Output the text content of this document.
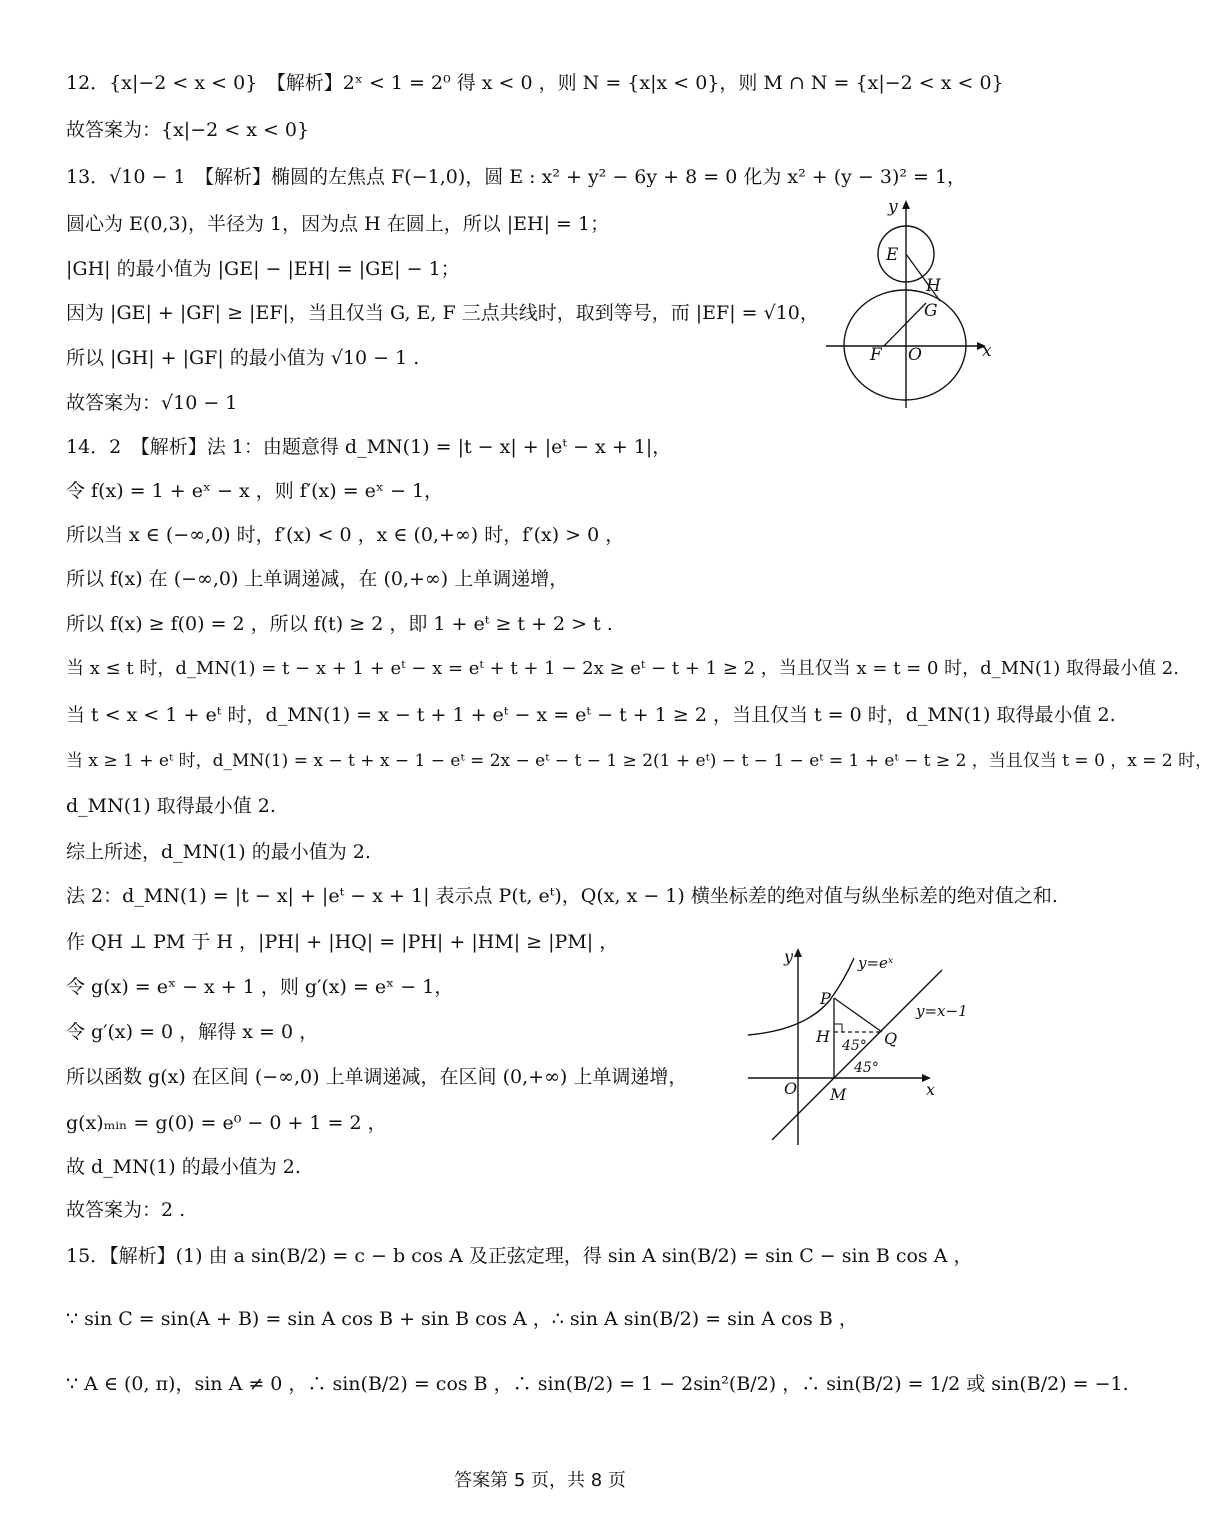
12．{x|−2 < x < 0}　【解析】2ˣ < 1 = 2⁰ 得 x < 0 ，则 N = {x|x < 0}，则 M ∩ N = {x|−2 < x < 0}
故答案为：{x|−2 < x < 0}
13．√10 − 1　【解析】椭圆的左焦点 F(−1,0)，圆 E : x² + y² − 6y + 8 = 0 化为 x² + (y − 3)² = 1，
圆心为 E(0,3)，半径为 1，因为点 H 在圆上，所以 |EH| = 1；
|GH| 的最小值为 |GE| − |EH| = |GE| − 1；
因为 |GE| + |GF| ≥ |EF|，当且仅当 G, E, F 三点共线时，取到等号，而 |EF| = √10，
所以 |GH| + |GF| 的最小值为 √10 − 1 .
故答案为：√10 − 1
14．2　【解析】法 1：由题意得 d_MN(1) = |t − x| + |eᵗ − x + 1|，
令 f(x) = 1 + eˣ − x ，则 f′(x) = eˣ − 1，
所以当 x ∈ (−∞,0) 时，f′(x) < 0 ，x ∈ (0,+∞) 时，f′(x) > 0 ，
所以 f(x) 在 (−∞,0) 上单调递减，在 (0,+∞) 上单调递增，
所以 f(x) ≥ f(0) = 2 ，所以 f(t) ≥ 2 ，即 1 + eᵗ ≥ t + 2 > t .
当 x ≤ t 时，d_MN(1) = t − x + 1 + eᵗ − x = eᵗ + t + 1 − 2x ≥ eᵗ − t + 1 ≥ 2 ，当且仅当 x = t = 0 时，d_MN(1) 取得最小值 2.
当 t < x < 1 + eᵗ 时，d_MN(1) = x − t + 1 + eᵗ − x = eᵗ − t + 1 ≥ 2 ，当且仅当 t = 0 时，d_MN(1) 取得最小值 2.
当 x ≥ 1 + eᵗ 时，d_MN(1) = x − t + x − 1 − eᵗ = 2x − eᵗ − t − 1 ≥ 2(1 + eᵗ) − t − 1 − eᵗ = 1 + eᵗ − t ≥ 2 ，当且仅当 t = 0 ，x = 2 时，
d_MN(1) 取得最小值 2.
综上所述，d_MN(1) 的最小值为 2.
法 2：d_MN(1) = |t − x| + |eᵗ − x + 1| 表示点 P(t, eᵗ)，Q(x, x − 1) 横坐标差的绝对值与纵坐标差的绝对值之和.
作 QH ⊥ PM 于 H ，|PH| + |HQ| = |PH| + |HM| ≥ |PM| ，
令 g(x) = eˣ − x + 1 ，则 g′(x) = eˣ − 1，
令 g′(x) = 0 ，解得 x = 0 ，
所以函数 g(x) 在区间 (−∞,0) 上单调递减，在区间 (0,+∞) 上单调递增，
g(x)ₘᵢₙ = g(0) = e⁰ − 0 + 1 = 2 ，
故 d_MN(1) 的最小值为 2.
故答案为：2 .
15．【解析】(1) 由 a sin(B/2) = c − b cos A 及正弦定理，得 sin A sin(B/2) = sin C − sin B cos A ，
∵ sin C = sin(A + B) = sin A cos B + sin B cos A ，∴ sin A sin(B/2) = sin A cos B ，
∵ A ∈ (0, π)，sin A ≠ 0 ，∴ sin(B/2) = cos B ，∴ sin(B/2) = 1 − 2sin²(B/2) ，∴ sin(B/2) = 1/2 或 sin(B/2) = −1.
y
x
E
H
G
F O
y
x
y=eˣ
y=x−1
P
H	Q
O M
45°
45°
答案第 5 页，共 8 页
